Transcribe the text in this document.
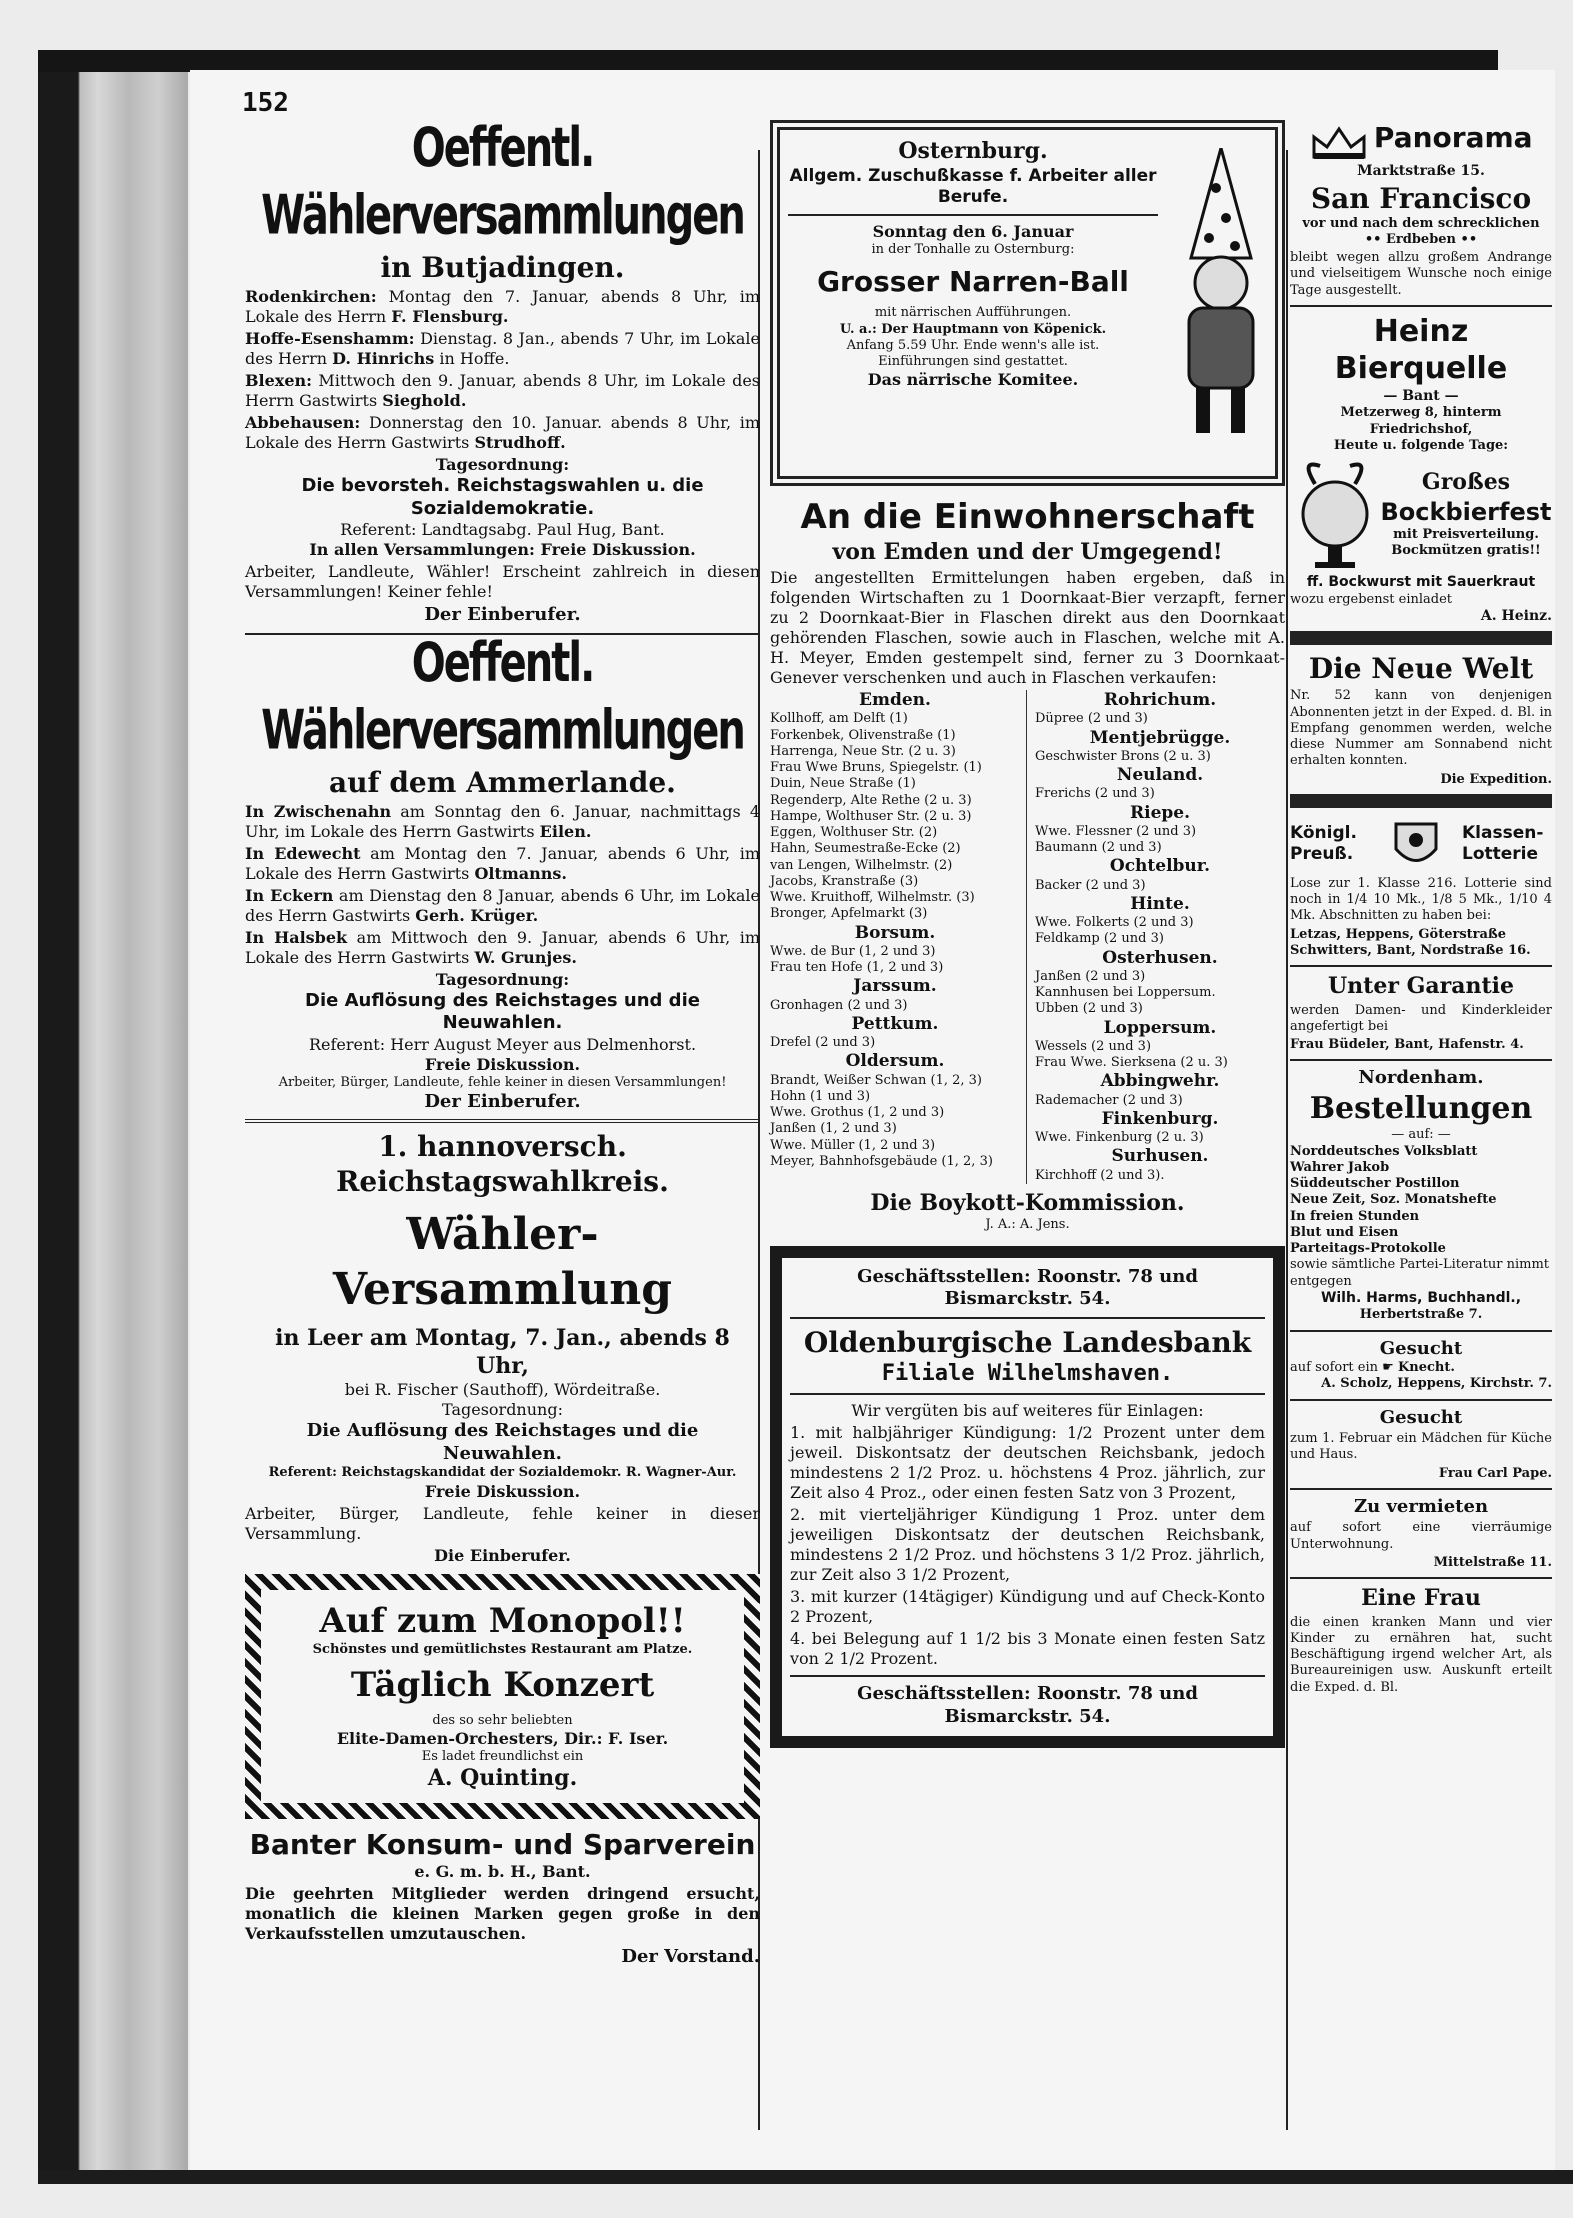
152
Oeffentl. Wählerversammlungen
in Butjadingen.

Rodenkirchen: Montag den 7. Januar, abends 8 Uhr, im Lokale des Herrn F. Flensburg.

Hoffe-Esenshamm: Dienstag. 8 Jan., abends 7 Uhr, im Lokale des Herrn D. Hinrichs in Hoffe.

Blexen: Mittwoch den 9. Januar, abends 8 Uhr, im Lokale des Herrn Gastwirts Sieghold.

Abbehausen: Donnerstag den 10. Januar. abends 8 Uhr, im Lokale des Herrn Gastwirts Strudhoff.

Tagesordnung:
Die bevorsteh. Reichstagswahlen u. die Sozialdemokratie.
Referent: Landtagsabg. Paul Hug, Bant.
In allen Versammlungen: Freie Diskussion.

Arbeiter, Landleute, Wähler! Erscheint zahlreich in diesen Versammlungen! Keiner fehle!

Der Einberufer.
Oeffentl. Wählerversammlungen
auf dem Ammerlande.

In Zwischenahn am Sonntag den 6. Januar, nachmittags 4 Uhr, im Lokale des Herrn Gastwirts Eilen.

In Edewecht am Montag den 7. Januar, abends 6 Uhr, im Lokale des Herrn Gastwirts Oltmanns.

In Eckern am Dienstag den 8 Januar, abends 6 Uhr, im Lokale des Herrn Gastwirts Gerh. Krüger.

In Halsbek am Mittwoch den 9. Januar, abends 6 Uhr, im Lokale des Herrn Gastwirts W. Grunjes.

Tagesordnung:
Die Auflösung des Reichstages und die Neuwahlen.
Referent: Herr August Meyer aus Delmenhorst.
Freie Diskussion.
Arbeiter, Bürger, Landleute, fehle keiner in diesen Versammlungen!
Der Einberufer.
1. hannoversch. Reichstagswahlkreis.
Wähler-Versammlung
in Leer am Montag, 7. Jan., abends 8 Uhr,
bei R. Fischer (Sauthoff), Wördeitraße.
Tagesordnung:
Die Auflösung des Reichstages und die Neuwahlen.
Referent: Reichstagskandidat der Sozialdemokr. R. Wagner-Aur.
Freie Diskussion.

Arbeiter, Bürger, Landleute, fehle keiner in dieser Versammlung.

Die Einberufer.
Auf zum Monopol!!
Schönstes und gemütlichstes Restaurant am Platze.
Täglich Konzert
des so sehr beliebten
Elite-Damen-Orchesters, Dir.: F. Iser.
Es ladet freundlichst ein
A. Quinting.
Banter Konsum- und Sparverein
e. G. m. b. H., Bant.

Die geehrten Mitglieder werden dringend ersucht, monatlich die kleinen Marken gegen große in den Verkaufsstellen umzutauschen.

Der Vorstand.
Osternburg.
Allgem. Zuschußkasse f. Arbeiter aller Berufe.
Sonntag den 6. Januar
in der Tonhalle zu Osternburg:
Grosser Narren-Ball
mit närrischen Aufführungen.
U. a.: Der Hauptmann von Köpenick.
Anfang 5.59 Uhr. Ende wenn's alle ist.
Einführungen sind gestattet.
Das närrische Komitee.
An die Einwohnerschaft
von Emden und der Umgegend!

Die angestellten Ermittelungen haben ergeben, daß in folgenden Wirtschaften zu 1 Doornkaat-Bier verzapft, ferner zu 2 Doornkaat-Bier in Flaschen direkt aus den Doornkaat gehörenden Flaschen, sowie auch in Flaschen, welche mit A. H. Meyer, Emden gestempelt sind, ferner zu 3 Doornkaat-Genever verschenken und auch in Flaschen verkaufen:

Emden.
Kollhoff, am Delft (1)
Forkenbek, Olivenstraße (1)
Harrenga, Neue Str. (2 u. 3)
Frau Wwe Bruns, Spiegelstr. (1)
Duin, Neue Straße (1)
Regenderp, Alte Rethe (2 u. 3)
Hampe, Wolthuser Str. (2 u. 3)
Eggen, Wolthuser Str. (2)
Hahn, Seumestraße-Ecke (2)
van Lengen, Wilhelmstr. (2)
Jacobs, Kranstraße (3)
Wwe. Kruithoff, Wilhelmstr. (3)
Bronger, Apfelmarkt (3)
Borsum.
Wwe. de Bur (1, 2 und 3)
Frau ten Hofe (1, 2 und 3)
Jarssum.
Gronhagen (2 und 3)
Pettkum.
Drefel (2 und 3)
Oldersum.
Brandt, Weißer Schwan (1, 2, 3)
Hohn (1 und 3)
Wwe. Grothus (1, 2 und 3)
Janßen (1, 2 und 3)
Wwe. Müller (1, 2 und 3)
Meyer, Bahnhofsgebäude (1, 2, 3)
Rohrichum.
Düpree (2 und 3)
Mentjebrügge.
Geschwister Brons (2 u. 3)
Neuland.
Frerichs (2 und 3)
Riepe.
Wwe. Flessner (2 und 3)
Baumann (2 und 3)
Ochtelbur.
Backer (2 und 3)
Hinte.
Wwe. Folkerts (2 und 3)
Feldkamp (2 und 3)
Osterhusen.
Janßen (2 und 3)
Kannhusen bei Loppersum.
Ubben (2 und 3)
Loppersum.
Wessels (2 und 3)
Frau Wwe. Sierksena (2 u. 3)
Abbingwehr.
Rademacher (2 und 3)
Finkenburg.
Wwe. Finkenburg (2 u. 3)
Surhusen.
Kirchhoff (2 und 3).
Die Boykott-Kommission.
J. A.: A. Jens.
Geschäftsstellen: Roonstr. 78 und Bismarckstr. 54.
Oldenburgische Landesbank
Filiale Wilhelmshaven.
Wir vergüten bis auf weiteres für Einlagen:

1. mit halbjähriger Kündigung: 1/2 Prozent unter dem jeweil. Diskontsatz der deutschen Reichsbank, jedoch mindestens 2 1/2 Proz. u. höchstens 4 Proz. jährlich, zur Zeit also 4 Proz., oder einen festen Satz von 3 Prozent,

2. mit vierteljähriger Kündigung 1 Proz. unter dem jeweiligen Diskontsatz der deutschen Reichsbank, mindestens 2 1/2 Proz. und höchstens 3 1/2 Proz. jährlich, zur Zeit also 3 1/2 Prozent,

3. mit kurzer (14tägiger) Kündigung und auf Check-Konto 2 Prozent,

4. bei Belegung auf 1 1/2 bis 3 Monate einen festen Satz von 2 1/2 Prozent.

Geschäftsstellen: Roonstr. 78 und Bismarckstr. 54.
Panorama
Marktstraße 15.
San Francisco
vor und nach dem schrecklichen
•• Erdbeben ••

bleibt wegen allzu großem Andrange und vielseitigem Wunsche noch einige Tage ausgestellt.

Heinz Bierquelle
— Bant —
Metzerweg 8, hinterm Friedrichshof,
Heute u. folgende Tage:
Großes
Bockbierfest
mit Preisverteilung.
Bockmützen gratis!!
ff. Bockwurst mit Sauerkraut
wozu ergebenst einladet
A. Heinz.
Die Neue Welt

Nr. 52 kann von denjenigen Abonnenten jetzt in der Exped. d. Bl. in Empfang genommen werden, welche diese Nummer am Sonnabend nicht erhalten konnten.

Die Expedition.
Königl. Preuß.
Klassen-Lotterie

Lose zur 1. Klasse 216. Lotterie sind noch in 1/4 10 Mk., 1/8 5 Mk., 1/10 4 Mk. Abschnitten zu haben bei:

Letzas, Heppens, Göterstraße
Schwitters, Bant, Nordstraße 16.
Unter Garantie

werden Damen- und Kinderkleider angefertigt bei

Frau Büdeler, Bant, Hafenstr. 4.
Nordenham.
Bestellungen
— auf: —
Norddeutsches Volksblatt
Wahrer Jakob
Süddeutscher Postillon
Neue Zeit, Soz. Monatshefte
In freien Stunden
Blut und Eisen
Parteitags-Protokolle
sowie sämtliche Partei-Literatur nimmt entgegen
Wilh. Harms, Buchhandl.,
Herbertstraße 7.
Gesucht
auf sofort ein ☛ Knecht.
A. Scholz, Heppens, Kirchstr. 7.
Gesucht

zum 1. Februar ein Mädchen für Küche und Haus.

Frau Carl Pape.
Zu vermieten

auf sofort eine vierräumige Unterwohnung.

Mittelstraße 11.
Eine Frau

die einen kranken Mann und vier Kinder zu ernähren hat, sucht Beschäftigung irgend welcher Art, als Bureaureinigen usw. Auskunft erteilt die Exped. d. Bl.
